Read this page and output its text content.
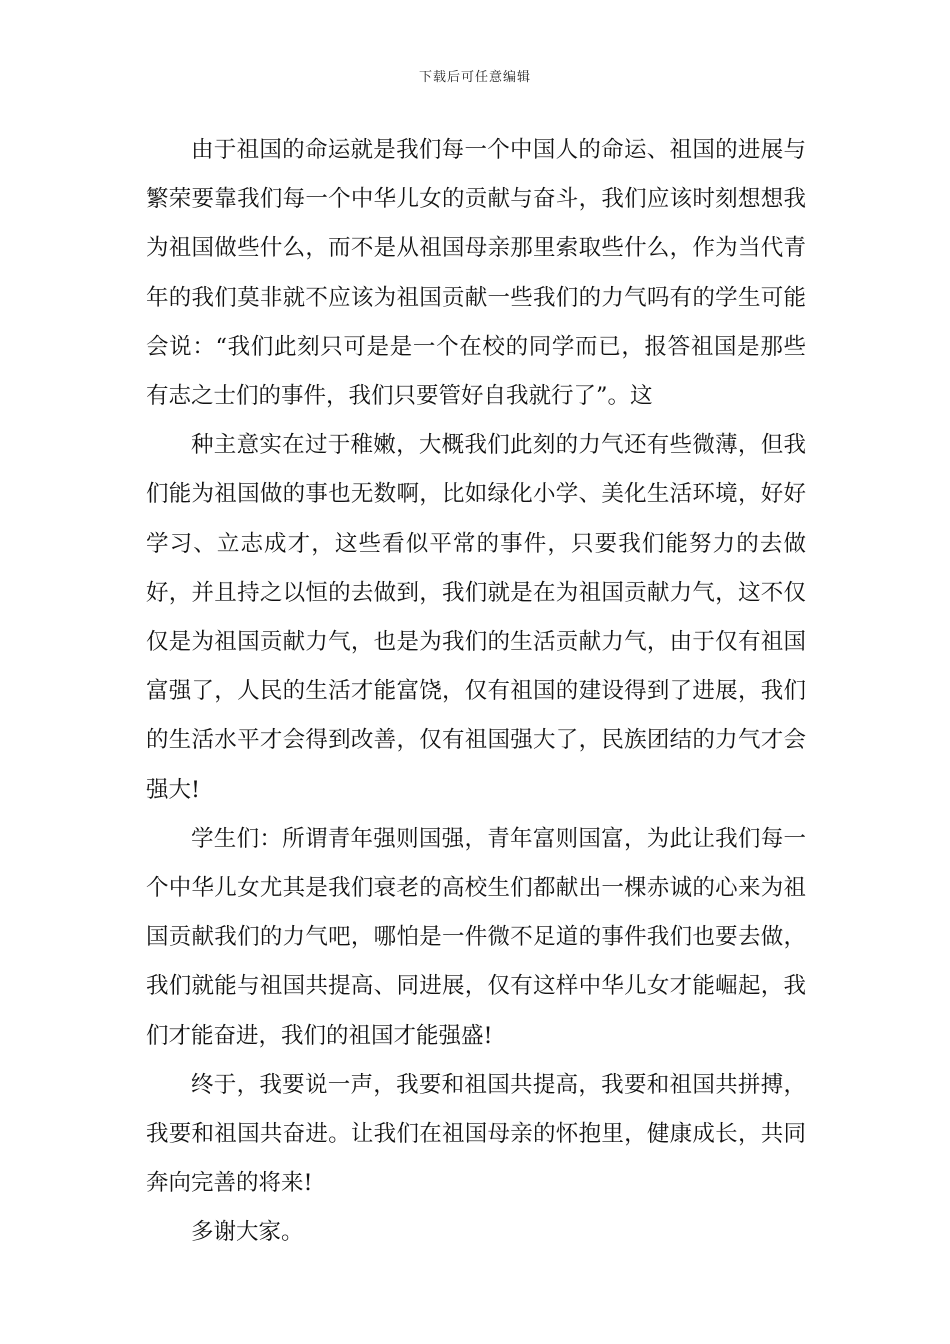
下载后可任意编辑

由于祖国的命运就是我们每一个中国人的命运、祖国的进展与繁荣要靠我们每一个中华儿女的贡献与奋斗，我们应该时刻想想我为祖国做些什么，而不是从祖国母亲那里索取些什么，作为当代青年的我们莫非就不应该为祖国贡献一些我们的力气吗有的学生可能会说：“我们此刻只可是是一个在校的同学而已，报答祖国是那些有志之士们的事件，我们只要管好自我就行了”。这

种主意实在过于稚嫩，大概我们此刻的力气还有些微薄，但我们能为祖国做的事也无数啊，比如绿化小学、美化生活环境，好好学习、立志成才，这些看似平常的事件，只要我们能努力的去做好，并且持之以恒的去做到，我们就是在为祖国贡献力气，这不仅仅是为祖国贡献力气，也是为我们的生活贡献力气，由于仅有祖国富强了，人民的生活才能富饶，仅有祖国的建设得到了进展，我们的生活水平才会得到改善，仅有祖国强大了，民族团结的力气才会强大!

学生们：所谓青年强则国强，青年富则国富，为此让我们每一个中华儿女尤其是我们衰老的高校生们都献出一棵赤诚的心来为祖国贡献我们的力气吧，哪怕是一件微不足道的事件我们也要去做，我们就能与祖国共提高、同进展，仅有这样中华儿女才能崛起，我们才能奋进，我们的祖国才能强盛!

终于，我要说一声，我要和祖国共提高，我要和祖国共拼搏，我要和祖国共奋进。让我们在祖国母亲的怀抱里，健康成长，共同奔向完善的将来!

多谢大家。
